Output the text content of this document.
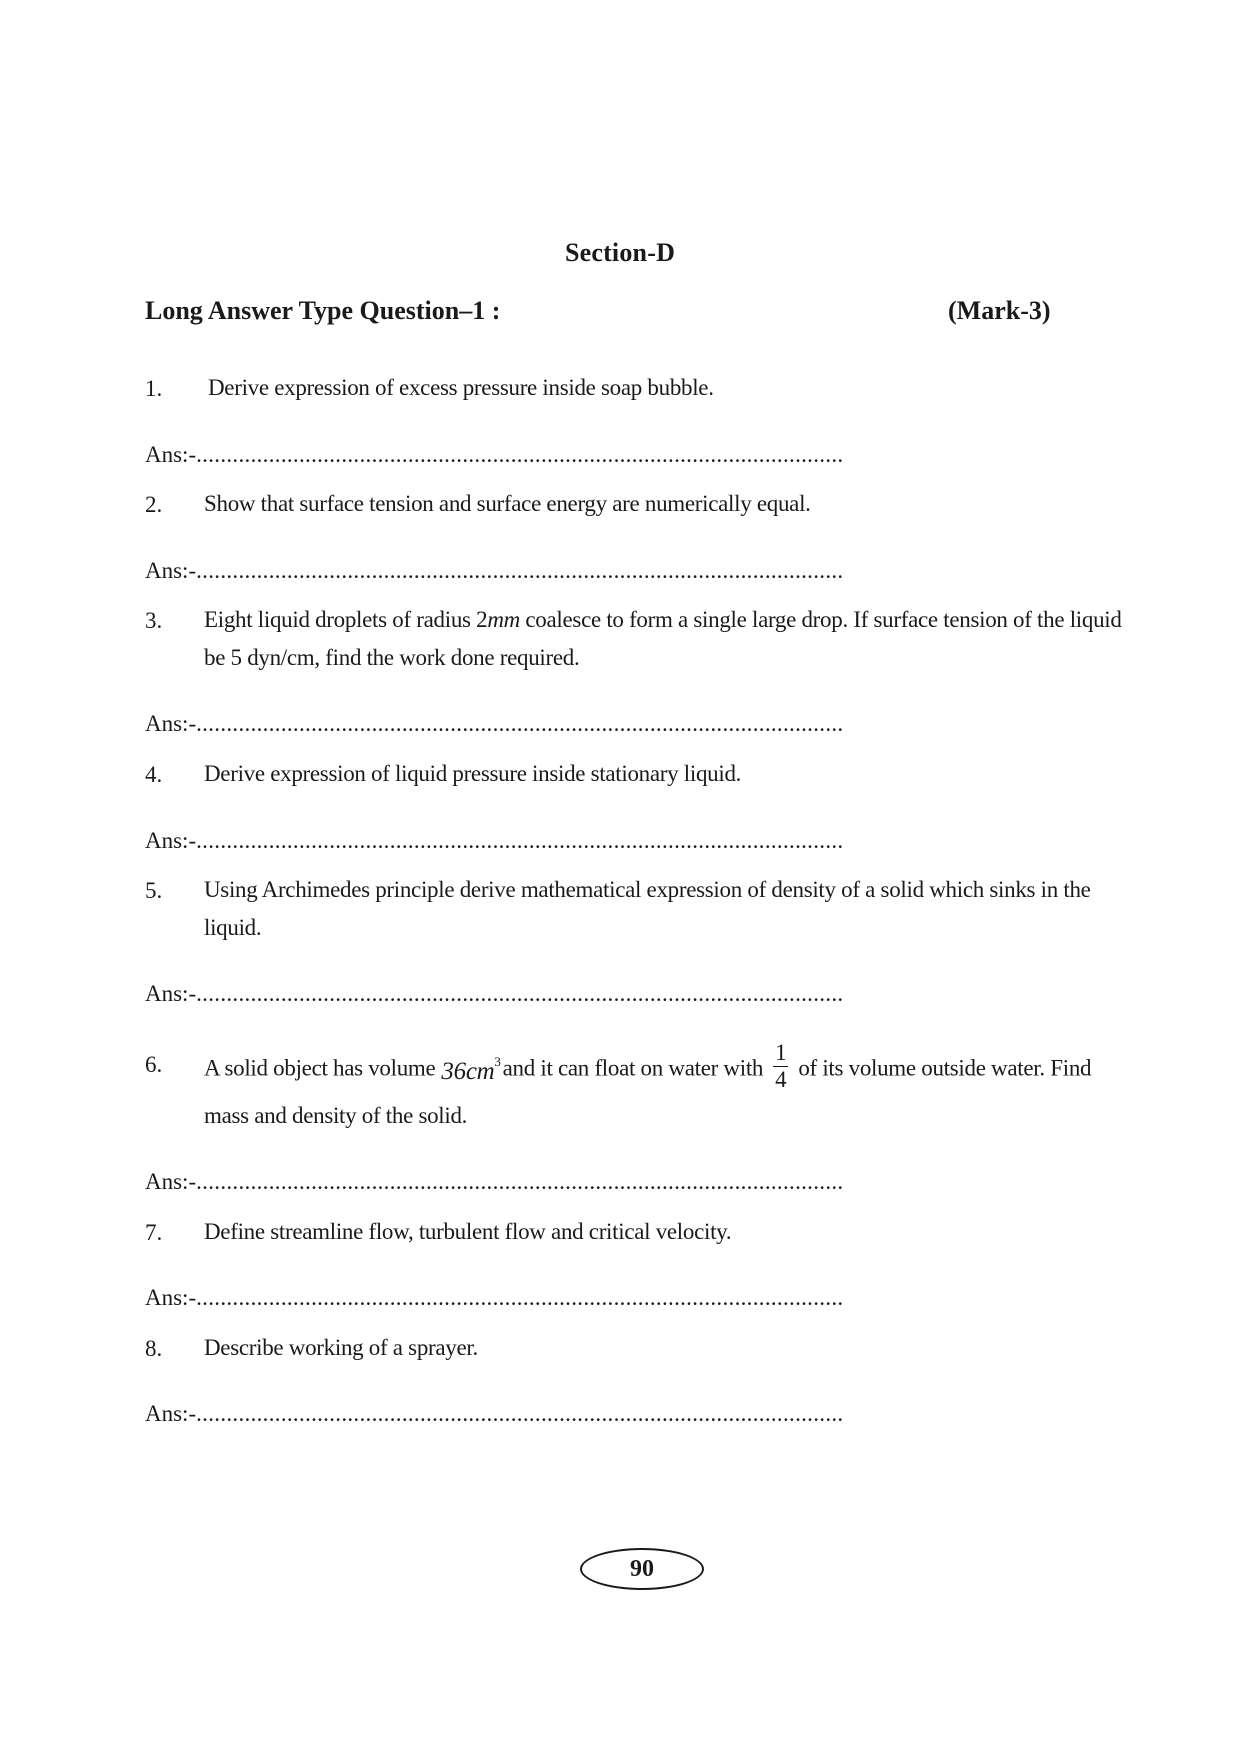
Section-D
Long Answer Type Question–1 :	(Mark-3)
1. Derive expression of excess pressure inside soap bubble.
Ans:-...........................................................................................................
2. Show that surface tension and surface energy are numerically equal.
Ans:-...........................................................................................................
3. Eight liquid droplets of radius 2mm coalesce to form a single large drop. If surface tension of the liquid be 5 dyn/cm, find the work done required.
Ans:-...........................................................................................................
4. Derive expression of liquid pressure inside stationary liquid.
Ans:-...........................................................................................................
5. Using Archimedes principle derive mathematical expression of density of a solid which sinks in the liquid.
Ans:-...........................................................................................................
6. A solid object has volume $36cm^3and$ it can float on water with $\frac{1}{4}$ of its volume outside water. Find
mass and density of the solid.
Ans:-...........................................................................................................
7. Define streamline flow, turbulent flow and critical velocity.
Ans:-...........................................................................................................
8. Describe working of a sprayer.
Ans:-...........................................................................................................
90
